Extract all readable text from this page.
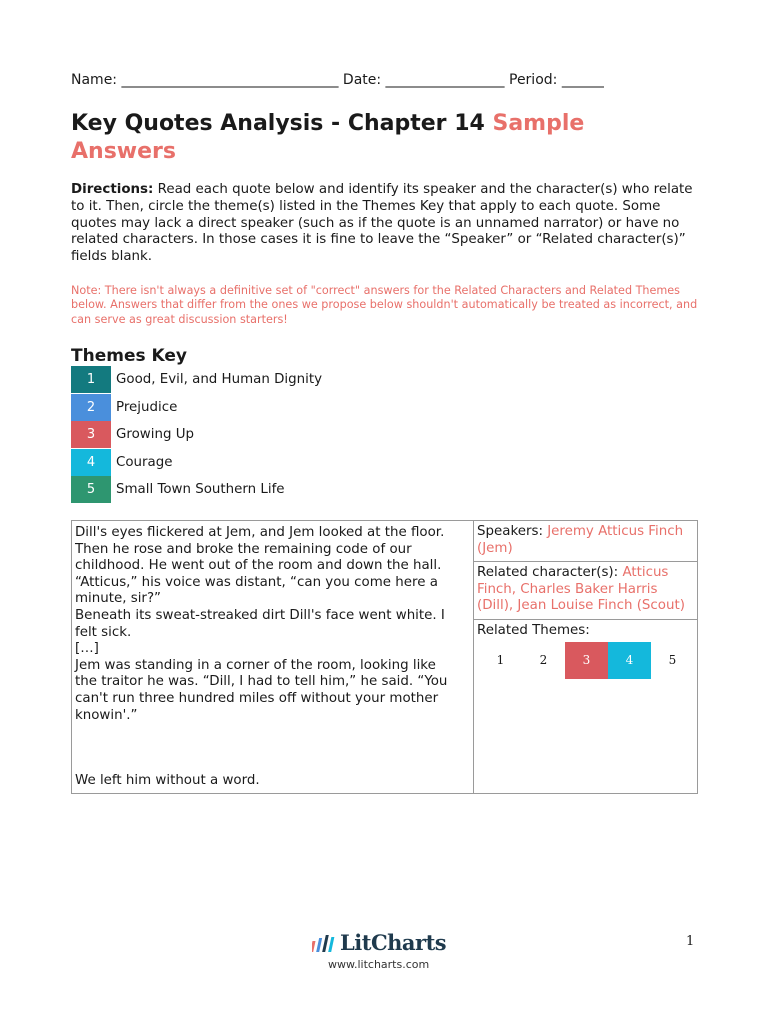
Name: _______________________________ Date: _________________ Period: ______
Key Quotes Analysis - Chapter 14 Sample Answers
Directions: Read each quote below and identify its speaker and the character(s) who relate to it. Then, circle the theme(s) listed in the Themes Key that apply to each quote. Some quotes may lack a direct speaker (such as if the quote is an unnamed narrator) or have no related characters. In those cases it is fine to leave the “Speaker” or “Related character(s)” fields blank.
Note: There isn't always a definitive set of "correct" answers for the Related Characters and Related Themes below. Answers that differ from the ones we propose below shouldn't automatically be treated as incorrect, and can serve as great discussion starters!
Themes Key
1	Good, Evil, and Human Dignity
2	Prejudice
3	Growing Up
4	Courage
5	Small Town Southern Life
Dill's eyes flickered at Jem, and Jem looked at the floor.
Then he rose and broke the remaining code of our
childhood. He went out of the room and down the hall.
“Atticus,” his voice was distant, “can you come here a
minute, sir?”
Beneath its sweat-streaked dirt Dill's face went white. I
felt sick.
[…]
Jem was standing in a corner of the room, looking like
the traitor he was. “Dill, I had to tell him,” he said. “You
can't run three hundred miles off without your mother
knowin'.”
We left him without a word.
Speakers: Jeremy Atticus Finch (Jem)
Related character(s): Atticus Finch, Charles Baker Harris (Dill), Jean Louise Finch (Scout)
Related Themes:
1	2	3	4	5
LitCharts
www.litcharts.com
1
